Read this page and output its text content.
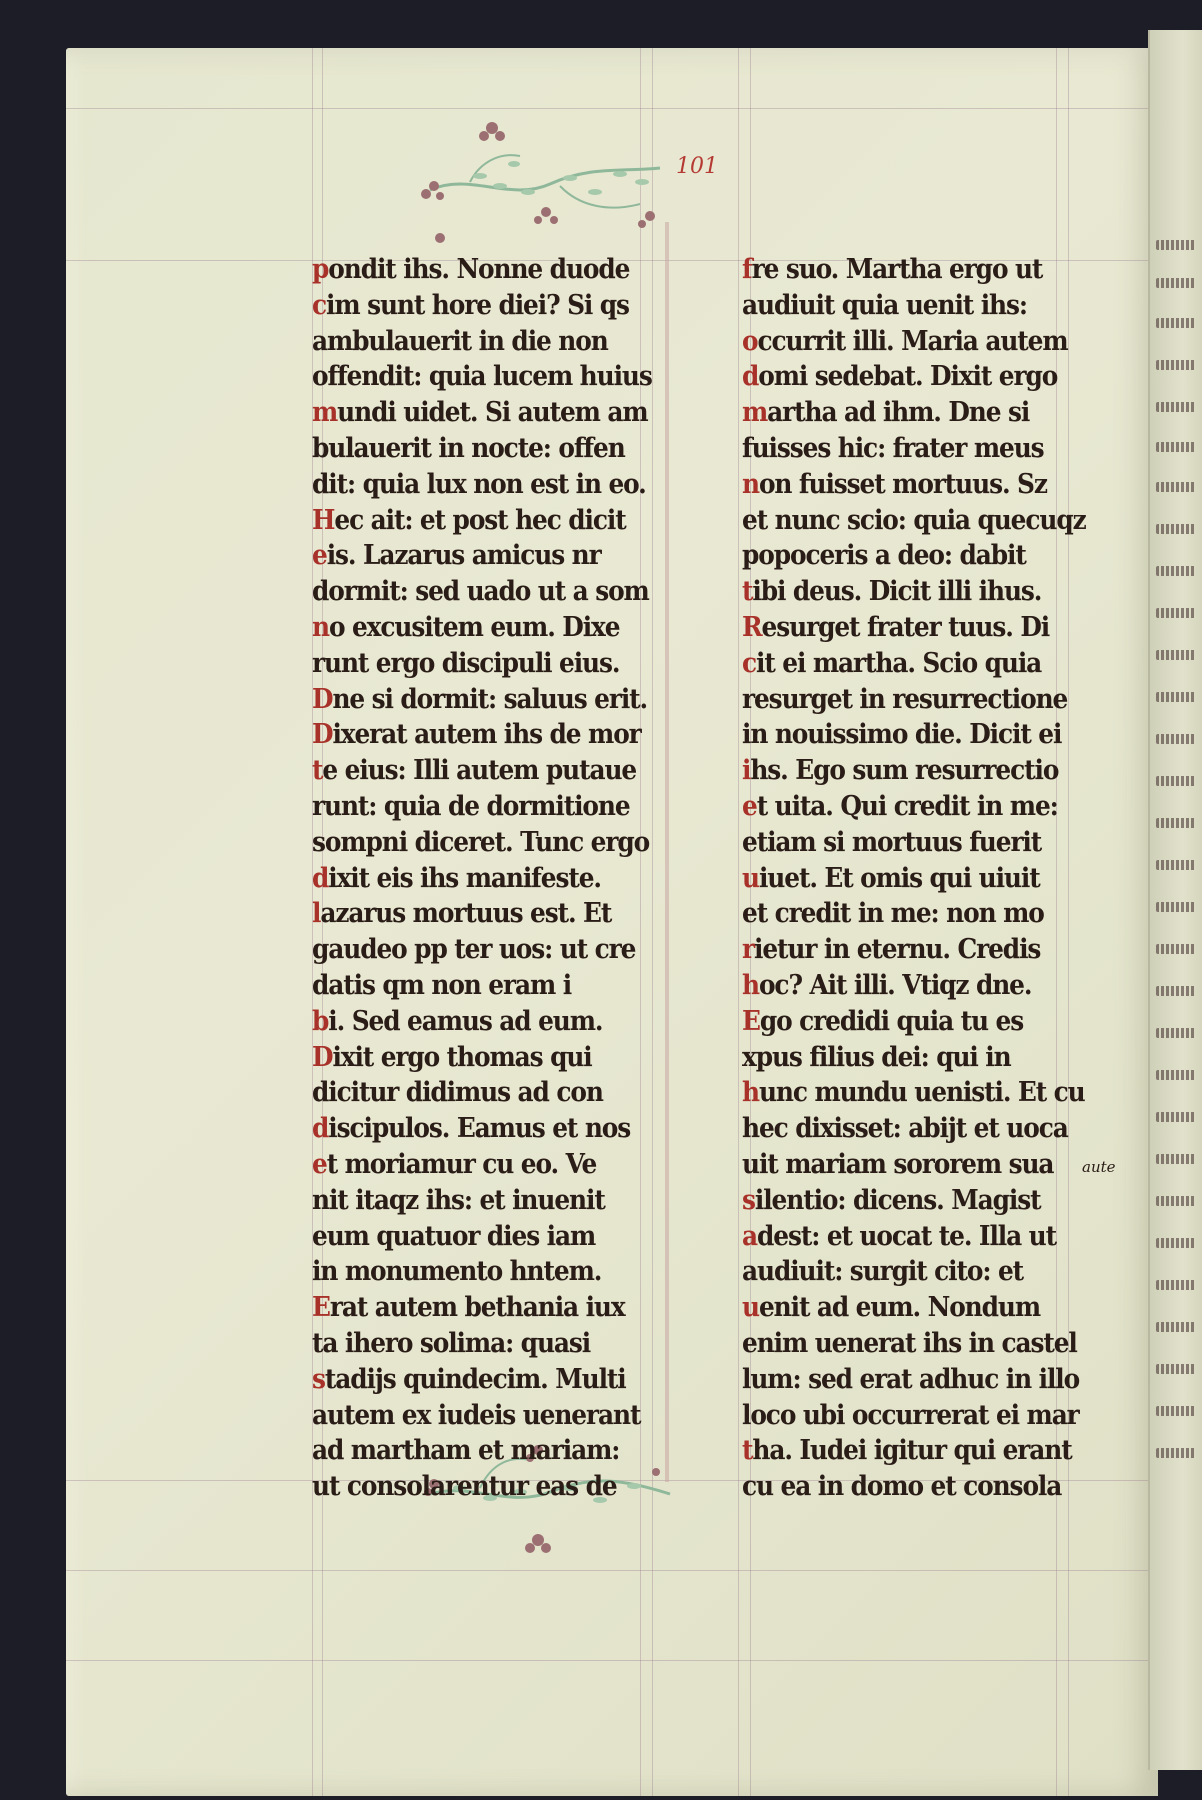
101
pondit ihs. Nonne duode
cim sunt hore diei? Si qs
ambulauerit in die non
offendit: quia lucem huius
mundi uidet. Si autem am
bulauerit in nocte: offen
dit: quia lux non est in eo.
Hec ait: et post hec dicit
eis. Lazarus amicus nr
dormit: sed uado ut a som
no excusitem eum. Dixe
runt ergo discipuli eius.
Dne si dormit: saluus erit.
Dixerat autem ihs de mor
te eius: Illi autem putaue
runt: quia de dormitione
sompni diceret. Tunc ergo
dixit eis ihs manifeste.
lazarus mortuus est. Et
gaudeo pp ter uos: ut cre
datis qm non eram i
bi. Sed eamus ad eum.
Dixit ergo thomas qui
dicitur didimus ad con
discipulos. Eamus et nos
et moriamur cu eo. Ve
nit itaqz ihs: et inuenit
eum quatuor dies iam
in monumento hntem.
Erat autem bethania iux
ta ihero solima: quasi
stadijs quindecim. Multi
autem ex iudeis uenerant
ad martham et mariam:
ut consolarentur eas de
fre suo. Martha ergo ut
audiuit quia uenit ihs:
occurrit illi. Maria autem
domi sedebat. Dixit ergo
martha ad ihm. Dne si
fuisses hic: frater meus
non fuisset mortuus. Sz
et nunc scio: quia quecuqz
popoceris a deo: dabit
tibi deus. Dicit illi ihus.
Resurget frater tuus. Di
cit ei martha. Scio quia
resurget in resurrectione
in nouissimo die. Dicit ei
ihs. Ego sum resurrectio
et uita. Qui credit in me:
etiam si mortuus fuerit
uiuet. Et omis qui uiuit
et credit in me: non mo
rietur in eternu. Credis
hoc? Ait illi. Vtiqz dne.
Ego credidi quia tu es
xpus filius dei: qui in
hunc mundu uenisti. Et cu
hec dixisset: abijt et uoca
uit mariam sororem sua
silentio: dicens. Magist
adest: et uocat te. Illa ut
audiuit: surgit cito: et
uenit ad eum. Nondum
enim uenerat ihs in castel
lum: sed erat adhuc in illo
loco ubi occurrerat ei mar
tha. Iudei igitur qui erant
cu ea in domo et consola
aute
